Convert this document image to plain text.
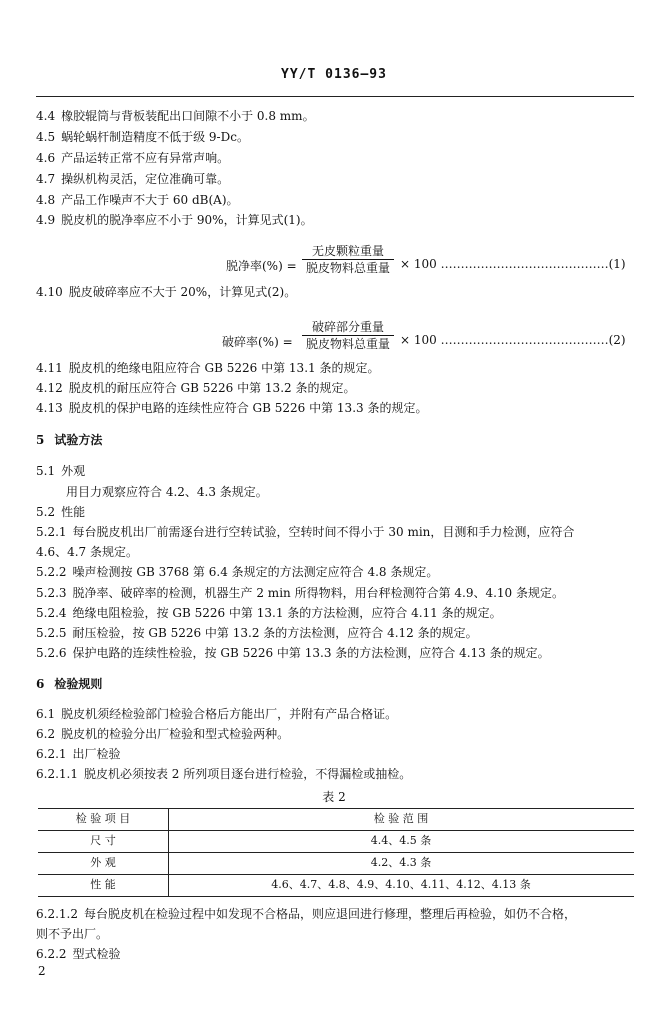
YY/T 0136—93
4.4 橡胶辊筒与背板装配出口间隙不小于 0.8 mm。
4.5 蜗轮蜗杆制造精度不低于级 9-Dc。
4.6 产品运转正常不应有异常声响。
4.7 操纵机构灵活，定位准确可靠。
4.8 产品工作噪声不大于 60 dB(A)。
4.9 脱皮机的脱净率应不小于 90%，计算见式(1)。
脱净率(%) =
无皮颗粒重量
脱皮物料总重量 × 100 ……………………………………(1)
4.10 脱皮破碎率应不大于 20%，计算见式(2)。
破碎率(%) =
破碎部分重量
脱皮物料总重量 × 100 ……………………………………(2)
4.11 脱皮机的绝缘电阻应符合 GB 5226 中第 13.1 条的规定。
4.12 脱皮机的耐压应符合 GB 5226 中第 13.2 条的规定。
4.13 脱皮机的保护电路的连续性应符合 GB 5226 中第 13.3 条的规定。
5 试验方法
5.1 外观
用目力观察应符合 4.2、4.3 条规定。
5.2 性能
5.2.1 每台脱皮机出厂前需逐台进行空转试验，空转时间不得小于 30 min，目测和手力检测，应符合
4.6、4.7 条规定。
5.2.2 噪声检测按 GB 3768 第 6.4 条规定的方法测定应符合 4.8 条规定。
5.2.3 脱净率、破碎率的检测，机器生产 2 min 所得物料，用台秤检测符合第 4.9、4.10 条规定。
5.2.4 绝缘电阻检验，按 GB 5226 中第 13.1 条的方法检测，应符合 4.11 条的规定。
5.2.5 耐压检验，按 GB 5226 中第 13.2 条的方法检测，应符合 4.12 条的规定。
5.2.6 保护电路的连续性检验，按 GB 5226 中第 13.3 条的方法检测，应符合 4.13 条的规定。
6 检验规则
6.1 脱皮机须经检验部门检验合格后方能出厂，并附有产品合格证。
6.2 脱皮机的检验分出厂检验和型式检验两种。
6.2.1 出厂检验
6.2.1.1 脱皮机必须按表 2 所列项目逐台进行检验，不得漏检或抽检。
表 2
检 验 项 目	检 验 范 围
尺 寸	4.4、4.5 条
外 观	4.2、4.3 条
性 能	4.6、4.7、4.8、4.9、4.10、4.11、4.12、4.13 条
6.2.1.2 每台脱皮机在检验过程中如发现不合格品，则应退回进行修理，整理后再检验，如仍不合格，
则不予出厂。
6.2.2 型式检验
2
